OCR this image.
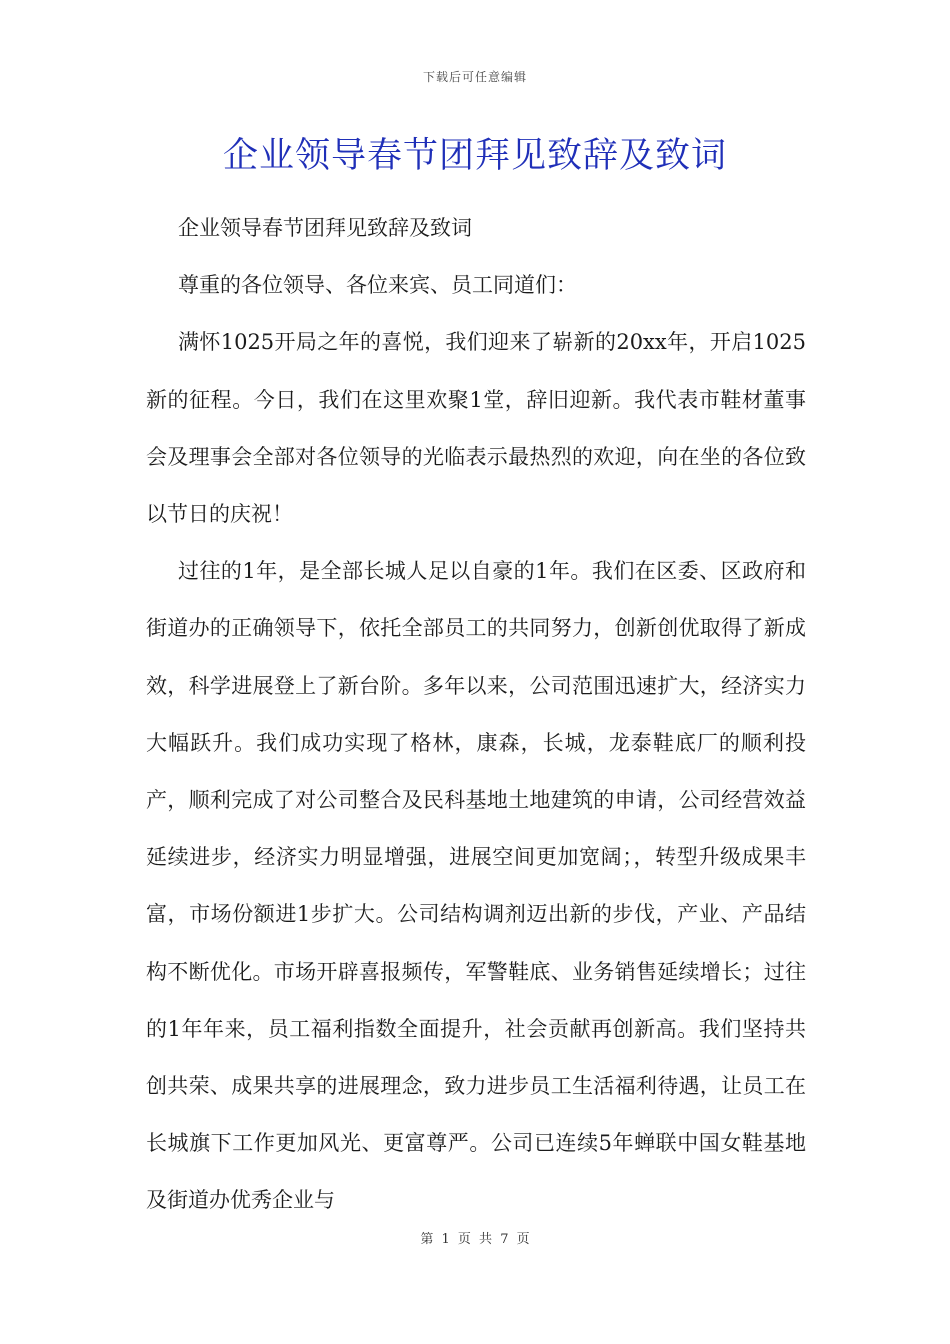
下载后可任意编辑
企业领导春节团拜见致辞及致词

企业领导春节团拜见致辞及致词

尊重的各位领导、各位来宾、员工同道们：

满怀1025开局之年的喜悦，我们迎来了崭新的20xx年，开启1025新的征程。今日，我们在这里欢聚1堂，辞旧迎新。我代表市鞋材董事会及理事会全部对各位领导的光临表示最热烈的欢迎，向在坐的各位致以节日的庆祝！

过往的1年，是全部长城人足以自豪的1年。我们在区委、区政府和街道办的正确领导下，依托全部员工的共同努力，创新创优取得了新成效，科学进展登上了新台阶。多年以来，公司范围迅速扩大，经济实力大幅跃升。我们成功实现了格林，康森，长城，龙泰鞋底厂的顺利投产，顺利完成了对公司整合及民科基地土地建筑的申请，公司经营效益延续进步，经济实力明显增强，进展空间更加宽阔；，转型升级成果丰富，市场份额进1步扩大。公司结构调剂迈出新的步伐，产业、产品结构不断优化。市场开辟喜报频传，军警鞋底、业务销售延续增长；过往的1年年来，员工福利指数全面提升，社会贡献再创新高。我们坚持共创共荣、成果共享的进展理念，致力进步员工生活福利待遇，让员工在长城旗下工作更加风光、更富尊严。公司已连续5年蝉联中国女鞋基地及街道办优秀企业与

第 1 页 共 7 页
